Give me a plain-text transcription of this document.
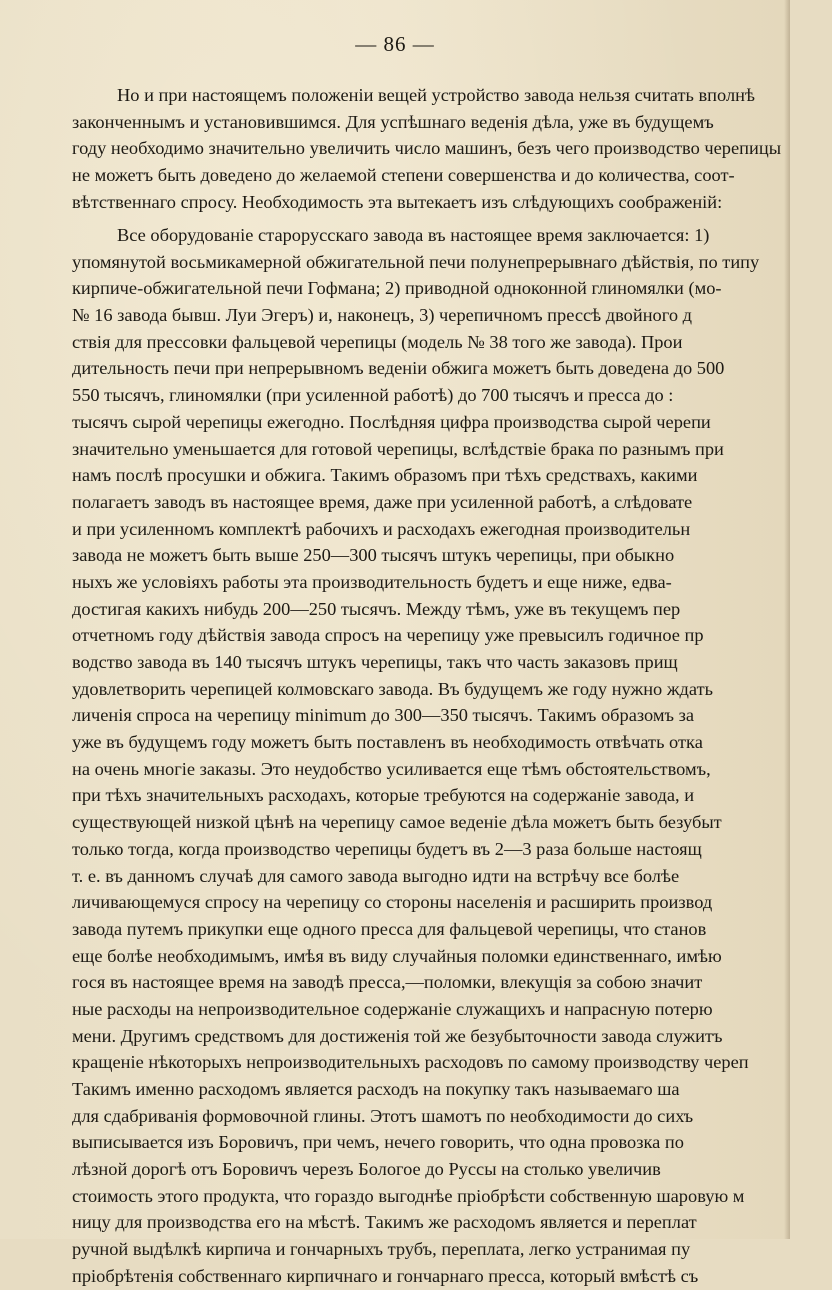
— 86 —
Но и при настоящемъ положеніи вещей устройство завода нельзя считать вполнѣ
законченнымъ и установившимся. Для успѣшнаго веденія дѣла, уже въ будущемъ
году необходимо значительно увеличить число машинъ, безъ чего производство черепицы
не можетъ быть доведено до желаемой степени совершенства и до количества, соот-
вѣтственнаго спросу. Необходимость эта вытекаетъ изъ слѣдующихъ соображеній:
Все оборудованіе старорусскаго завода въ настоящее время заключается: 1)
упомянутой восьмикамерной обжигательной печи полунепрерывнаго дѣйствія, по типу
кирпиче-обжигательной печи Гофмана; 2) приводной одноконной глиномялки (мо-
№ 16 завода бывш. Луи Эгеръ) и, наконецъ, 3) черепичномъ прессѣ двойного д
ствія для прессовки фальцевой черепицы (модель № 38 того же завода). Прои
дительность печи при непрерывномъ веденіи обжига можетъ быть доведена до 500
550 тысячъ, глиномялки (при усиленной работѣ) до 700 тысячъ и пресса до :
тысячъ сырой черепицы ежегодно. Послѣдняя цифра производства сырой черепи
значительно уменьшается для готовой черепицы, вслѣдствіе брака по разнымъ при
намъ послѣ просушки и обжига. Такимъ образомъ при тѣхъ средствахъ, какими
полагаетъ заводъ въ настоящее время, даже при усиленной работѣ, а слѣдовате
и при усиленномъ комплектѣ рабочихъ и расходахъ ежегодная производительн
завода не можетъ быть выше 250—300 тысячъ штукъ черепицы, при обыкно
ныхъ же условіяхъ работы эта производительность будетъ и еще ниже, едва-
достигая какихъ нибудь 200—250 тысячъ. Между тѣмъ, уже въ текущемъ пер
отчетномъ году дѣйствія завода спросъ на черепицу уже превысилъ годичное пр
водство завода въ 140 тысячъ штукъ черепицы, такъ что часть заказовъ прищ
удовлетворить черепицей колмовскаго завода. Въ будущемъ же году нужно ждать
личенія спроса на черепицу minimum до 300—350 тысячъ. Такимъ образомъ за
уже въ будущемъ году можетъ быть поставленъ въ необходимость отвѣчать отка
на очень многіе заказы. Это неудобство усиливается еще тѣмъ обстоятельствомъ,
при тѣхъ значительныхъ расходахъ, которые требуются на содержаніе завода, и
существующей низкой цѣнѣ на черепицу самое веденіе дѣла можетъ быть безубыт
только тогда, когда производство черепицы будетъ въ 2—3 раза больше настоящ
т. е. въ данномъ случаѣ для самого завода выгодно идти на встрѣчу все болѣе
личивающемуся спросу на черепицу со стороны населенія и расширить производ
завода путемъ прикупки еще одного пресса для фальцевой черепицы, что станов
еще болѣе необходимымъ, имѣя въ виду случайныя поломки единственнаго, имѣю
гося въ настоящее время на заводѣ пресса,—поломки, влекущія за собою значит
ные расходы на непроизводительное содержаніе служащихъ и напрасную потерю
мени. Другимъ средствомъ для достиженія той же безубыточности завода служитъ
кращеніе нѣкоторыхъ непроизводительныхъ расходовъ по самому производству череп
Такимъ именно расходомъ является расходъ на покупку такъ называемаго ша
для сдабриванія формовочной глины. Этотъ шамотъ по необходимости до сихъ
выписывается изъ Боровичъ, при чемъ, нечего говорить, что одна провозка по
лѣзной дорогѣ отъ Боровичъ черезъ Бологое до Руссы на столько увеличив
стоимость этого продукта, что гораздо выгоднѣе пріобрѣсти собственную шаровую м
ницу для производства его на мѣстѣ. Такимъ же расходомъ является и переплат
ручной выдѣлкѣ кирпича и гончарныхъ трубъ, переплата, легко устранимая пу
пріобрѣтенія собственнаго кирпичнаго и гончарнаго пресса, который вмѣстѣ съ
